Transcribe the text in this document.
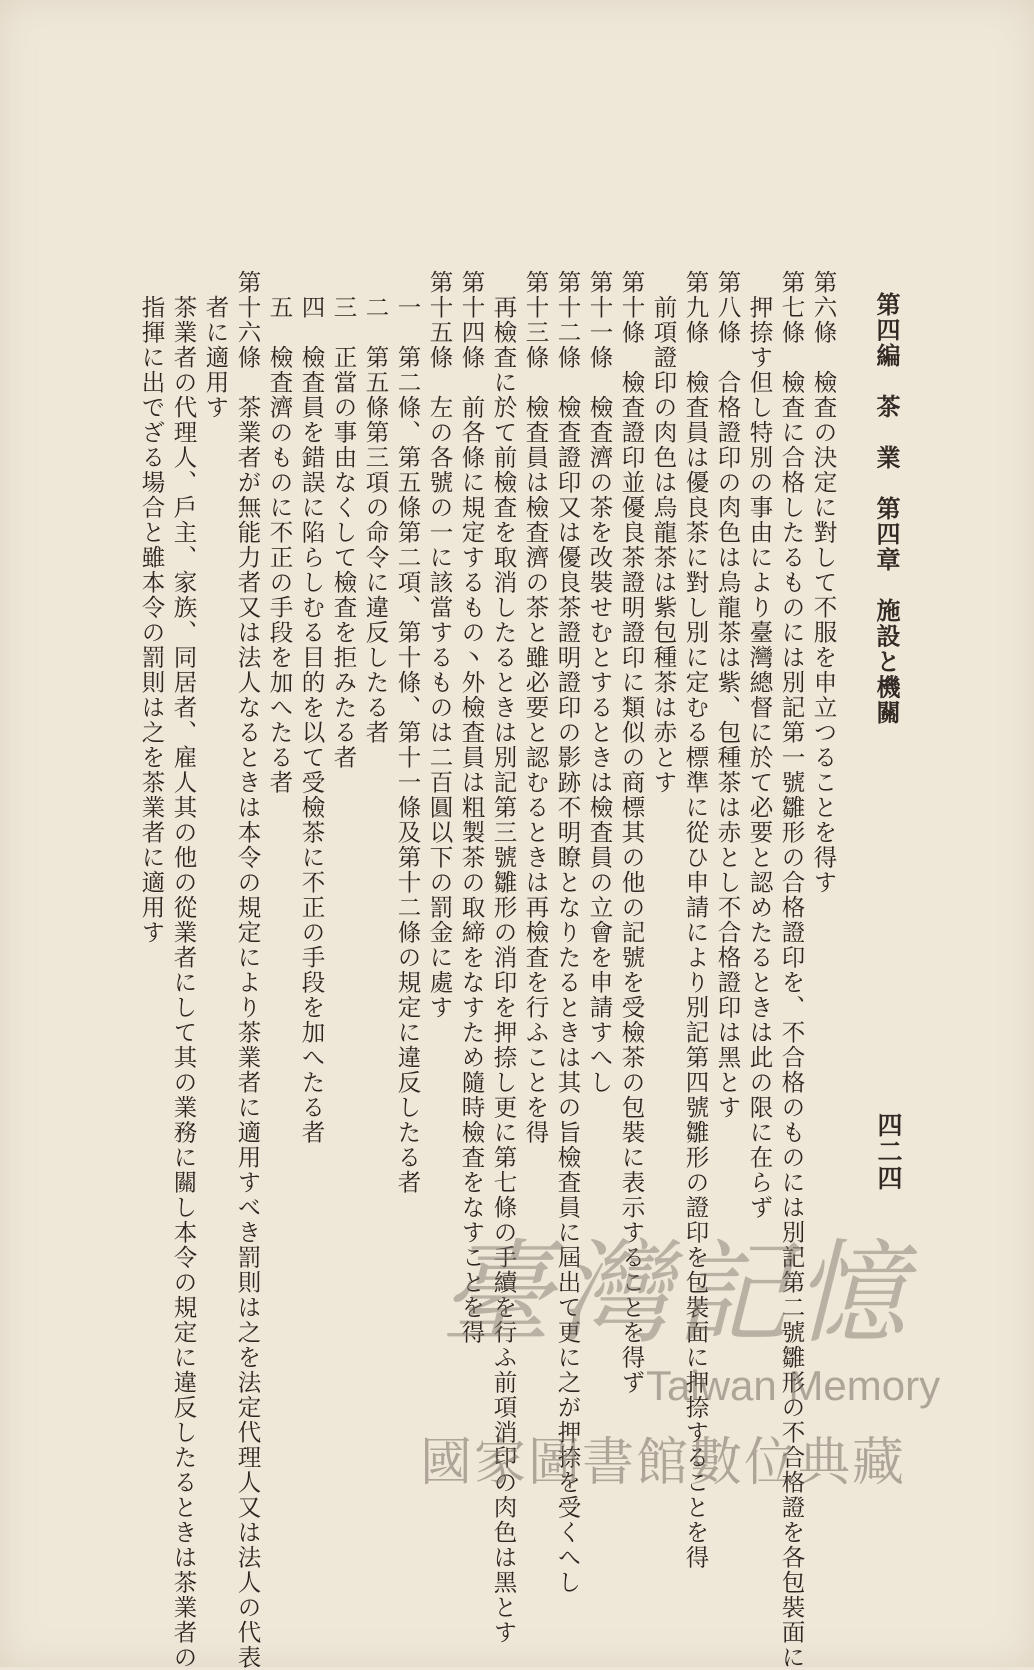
第四編　茶　業　第四章　施設と機關
四二四
第六條　檢査の決定に對して不服を申立つることを得す
第七條　檢査に合格したるものには別記第一號雛形の合格證印を、不合格のものには別記第二號雛形の不合格證を各包裝面に
　押捺す但し特別の事由により臺灣總督に於て必要と認めたるときは此の限に在らず
第八條　合格證印の肉色は烏龍茶は紫、包種茶は赤とし不合格證印は黑とす
第九條　檢査員は優良茶に對し別に定むる標準に從ひ申請により別記第四號雛形の證印を包裝面に押捺することを得
　前項證印の肉色は烏龍茶は紫包種茶は赤とす
第十條　檢査證印並優良茶證明證印に類似の商標其の他の記號を受檢茶の包裝に表示することを得ず
第十一條　檢査濟の茶を改裝せむとするときは檢査員の立會を申請すへし
第十二條　檢査證印又は優良茶證明證印の影跡不明瞭となりたるときは其の旨檢査員に屆出て更に之が押捺を受くへし
第十三條　檢査員は檢査濟の茶と雖必要と認むるときは再檢査を行ふことを得
　再檢査に於て前檢査を取消したるときは別記第三號雛形の消印を押捺し更に第七條の手續を行ふ前項消印の肉色は黑とす
第十四條　前各條に規定するもの丶外檢査員は粗製茶の取締をなすため隨時檢査をなすことを得
第十五條　左の各號の一に該當するものは二百圓以下の罰金に處す
　一　第二條、第五條第二項、第十條、第十一條及第十二條の規定に違反したる者
　二　第五條第三項の命令に違反したる者
　三　正當の事由なくして檢査を拒みたる者
　四　檢査員を錯誤に陷らしむる目的を以て受檢茶に不正の手段を加へたる者
　五　檢査濟のものに不正の手段を加へたる者
第十六條　茶業者が無能力者又は法人なるときは本令の規定により茶業者に適用すべき罰則は之を法定代理人又は法人の代表
　者に適用す
　茶業者の代理人、戶主、家族、同居者、雇人其の他の從業者にして其の業務に關し本令の規定に違反したるときは茶業者の
　指揮に出でざる場合と雖本令の罰則は之を茶業者に適用す
臺灣記憶
Taiwan Memory
國家圖書館數位典藏
